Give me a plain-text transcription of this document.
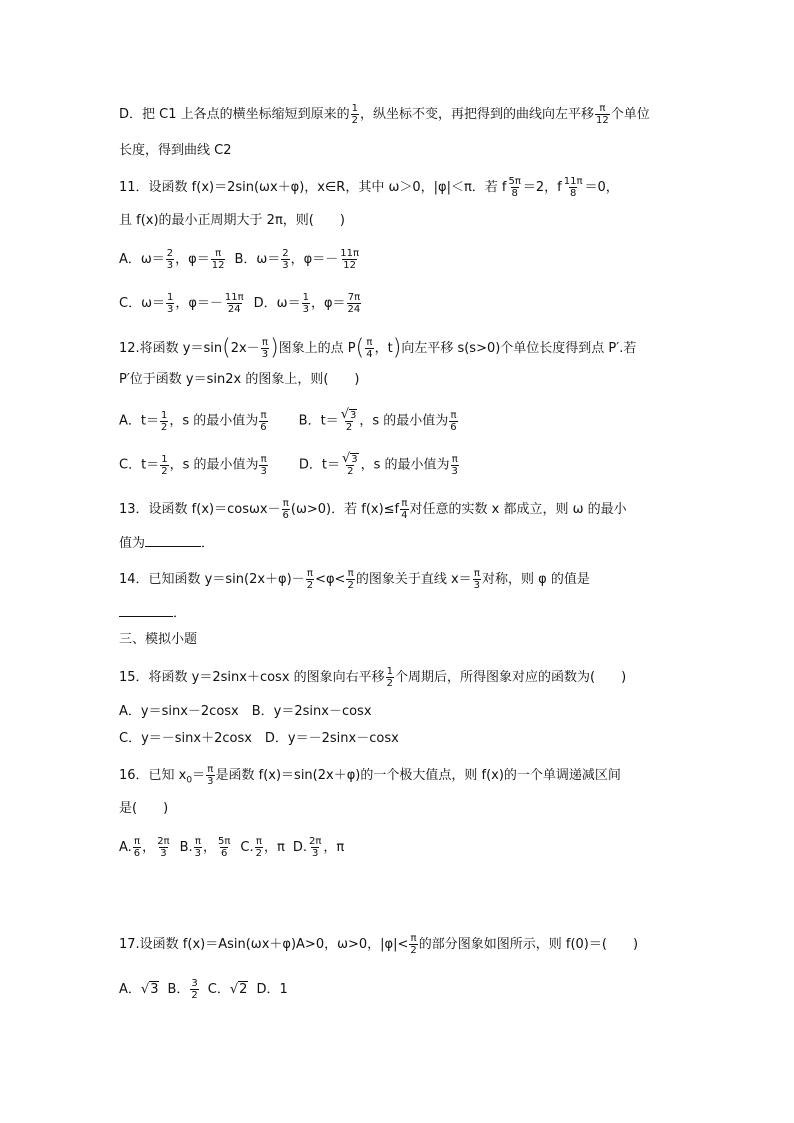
D．把 C1 上各点的横坐标缩短到原来的 $\frac{1}{2}$ ，纵坐标不变，再把得到的曲线向左平移 $\frac{\pi}{12}$ 个单位
长度，得到曲线 C2
11．设函数 f(x)＝2sin(ωx＋φ)，x∈R，其中 ω＞0，|φ|＜π．若 f $\frac{5\pi}{8} =2$，f $\frac{11\pi}{8} =0$，
且 f(x)的最小正周期大于 2π，则(　　)
A．$\omega= \frac{2}{3}$ ，$\varphi= \frac{\pi}{12}$ B．$\omega= \frac{2}{3}$ ，$\varphi=- \frac{11\pi}{12}$
C．$\omega= \frac{1}{3}$ ，$\varphi=- \frac{11\pi}{24}$ D．$\omega= \frac{1}{3}$ ，$\varphi= \frac{7\pi}{24}$
12.将函数 $y=\sin(2x- \frac{\pi}{3}$ )图象上的点 $P( \frac{\pi}{4}$ ，t)向左平移 s(s>0)个单位长度得到点 P′.若
P′位于函数 y＝sin2x 的图象上，则(　　)
A．$t= \frac{1}{2}$ ，s 的最小值为 $\frac{\pi}{6}$ B．$t= \frac{√3}{2}$ ，s 的最小值为 $\frac{\pi}{6}$
C．$t= \frac{1}{2}$ ，s 的最小值为 $\frac{\pi}{3}$ D．$t= \frac{√3}{2}$ ，s 的最小值为 $\frac{\pi}{3}$
13．设函数 $f(x)=\cos\omega x- \frac{\pi}{6} (\omega>0)$．若 $f(x)\le f \frac{\pi}{4}$ 对任意的实数 x 都成立，则 ω 的最小
值为	．
14．已知函数 $y=\sin(2x+\varphi)- \frac{\pi}{2} <\varphi< \frac{\pi}{2}$ 的图象关于直线 $x= \frac{\pi}{3}$ 对称，则 φ 的值是
．
三、模拟小题
15．将函数 y＝2sinx＋cosx 的图象向右平移 $\frac{1}{2}$ 个周期后，所得图象对应的函数为(　　)
A．y＝sinx－2cosx　B．y＝2sinx－cosx
C．y＝－sinx＋2cosx　D．y＝－2sinx－cosx
16．已知 $x_0= \frac{\pi}{3}$ 是函数 f(x)＝sin(2x＋φ)的一个极大值点，则 f(x)的一个单调递减区间
是(　　)
A. $\frac{\pi}{6}$ ， $\frac{2\pi}{3} B$. $\frac{\pi}{3}$ ， $\frac{5\pi}{6} C$. $\frac{\pi}{2}$ ，π D. $\frac{2\pi}{3}$ ，π
17.设函数 f(x)＝Asin(ωx＋φ)A>0，ω>0，$|\varphi|< \frac{\pi}{2}$ 的部分图象如图所示，则 f(0)＝(　　)
A．√3 B． $\frac{3}{2}$ C．√2 D．1
